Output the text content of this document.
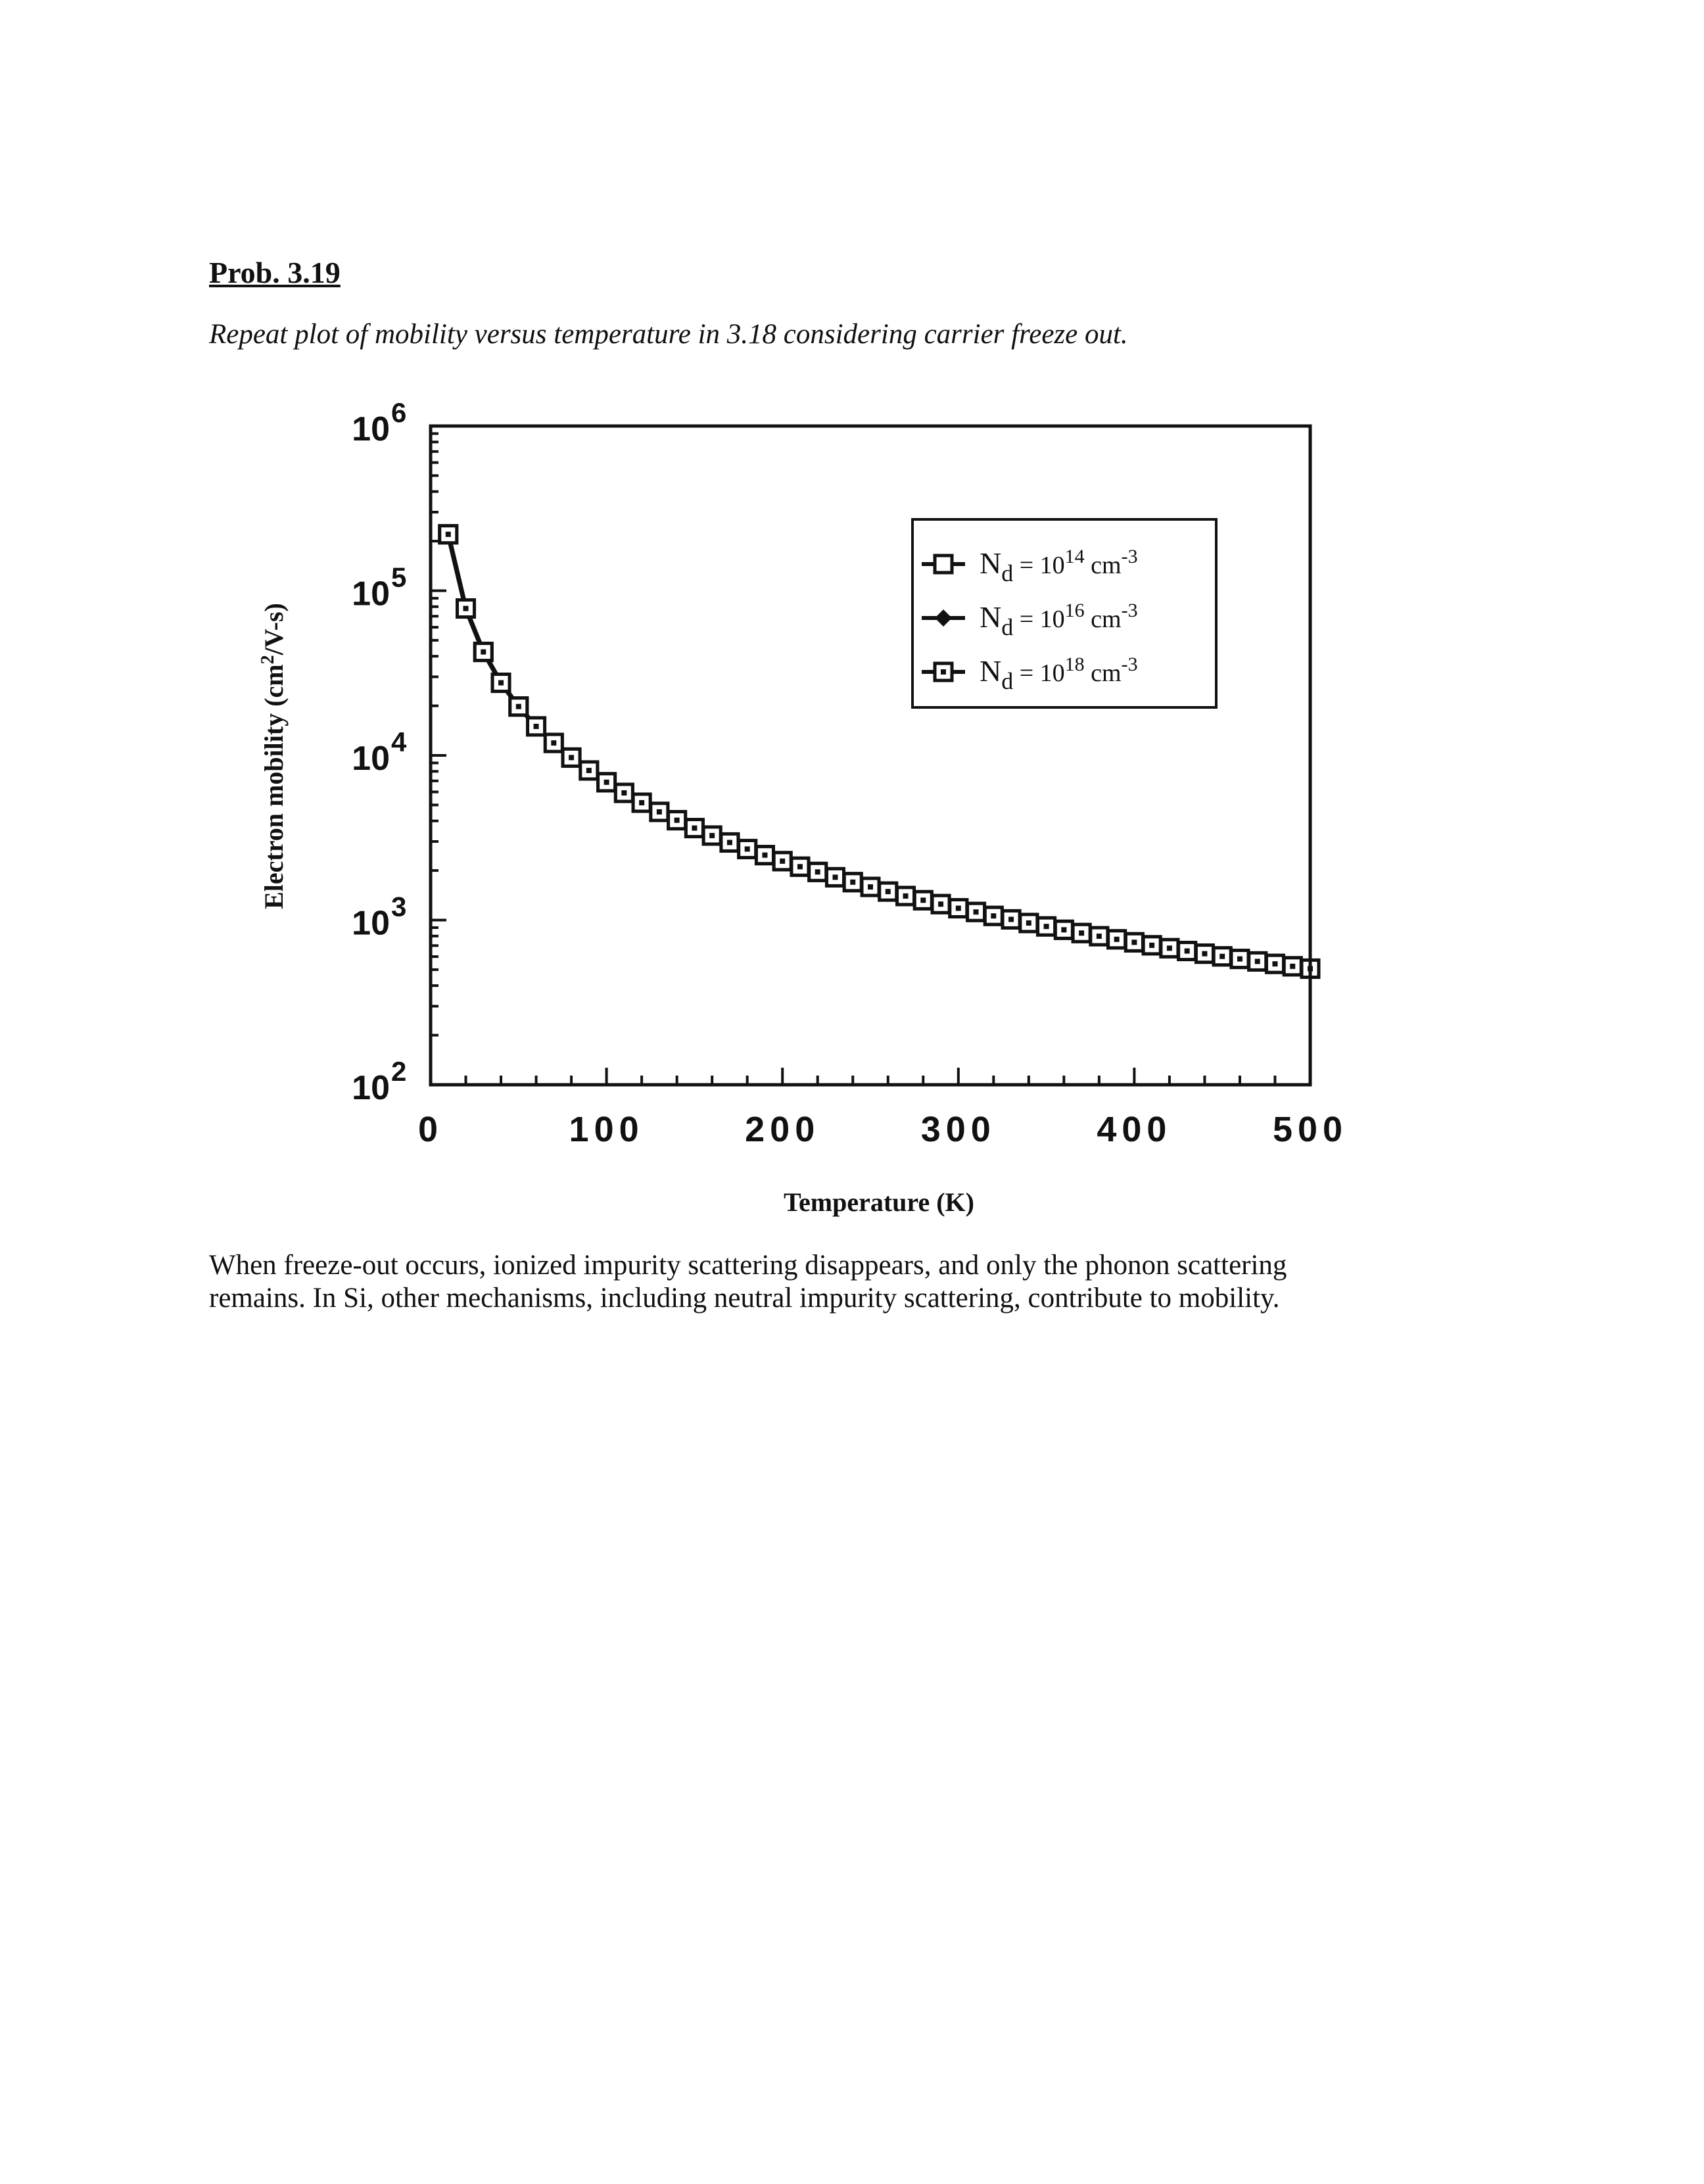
Prob. 3.19
Repeat plot of mobility versus temperature in 3.18 considering carrier freeze out.
0	100	200	300	400	500
10 2
10 3
10 4
10 5
10 6
Temperature (K)
Electron mobility $(cm^2/V-s)$
$N_d$ $^{= 1014}$ $_{cm}^{-3}$
$N_d$ $^{= 1016}$ $_{cm}^{-3}$
$N_d$ $^{= 1018}$ $_{cm}^{-3}$

When freeze-out occurs, ionized impurity scattering disappears, and only the phonon scattering

remains. In Si, other mechanisms, including neutral impurity scattering, contribute to mobility.
